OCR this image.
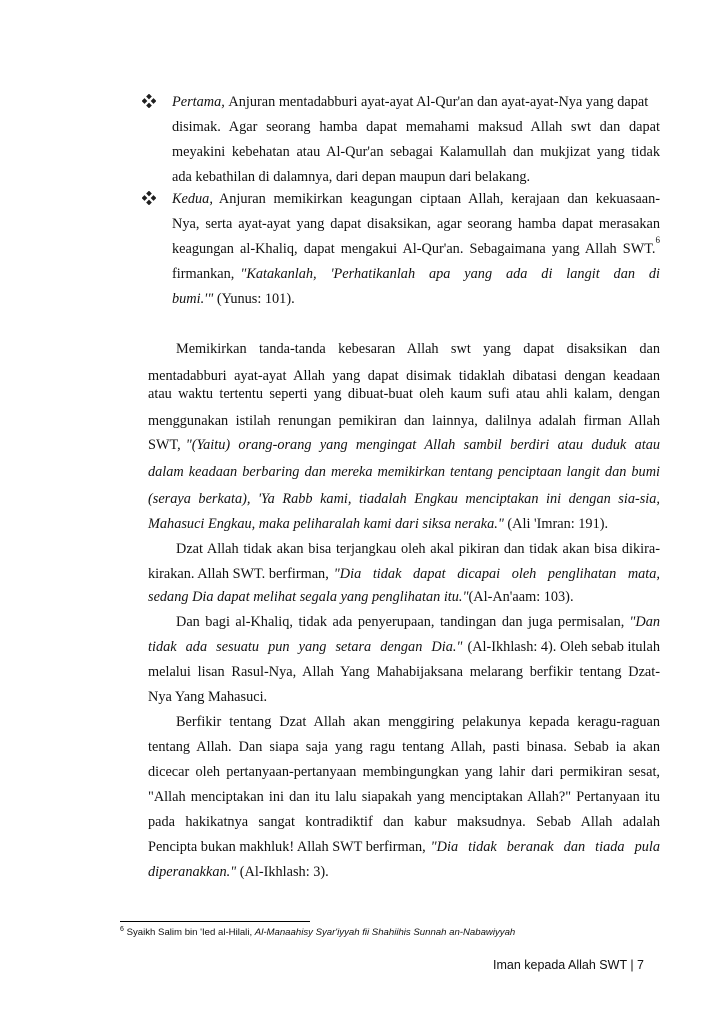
Pertama,
Anjuran mentadabburi ayat-ayat Al-Qur'an dan ayat-ayat-Nya yang dapat
disimak. Agar seorang hamba dapat memahami maksud Allah swt dan dapat
meyakini kebehatan atau Al-Qur'an sebagai Kalamullah dan mukjizat yang tidak
ada kebathilan di dalamnya, dari depan maupun dari belakang.
Kedua, Anjuran memikirkan keagungan ciptaan Allah, kerajaan dan kekuasaan-
Nya, serta ayat-ayat yang dapat disaksikan, agar seorang hamba dapat merasakan
keagungan al-Khaliq, dapat mengakui Al-Qur'an. Sebagaimana yang Allah SWT.
6
firmankan, "Katakanlah, 'Perhatikanlah apa yang ada di langit dan di
bumi.'" (Yunus: 101).
Memikirkan tanda-tanda kebesaran Allah swt yang dapat disaksikan dan
mentadabburi ayat-ayat Allah yang dapat disimak tidaklah dibatasi dengan keadaan
atau waktu tertentu seperti yang dibuat-buat oleh kaum sufi atau ahli kalam, dengan
menggunakan istilah renungan pemikiran dan lainnya, dalilnya adalah firman Allah
SWT, "(Yaitu) orang-orang yang mengingat Allah sambil berdiri atau duduk atau
dalam keadaan berbaring dan mereka memikirkan tentang penciptaan langit dan bumi
(seraya berkata), 'Ya Rabb kami, tiadalah Engkau menciptakan ini dengan sia-sia,
Mahasuci Engkau, maka peliharalah kami dari siksa neraka." (Ali 'Imran: 191).
Dzat Allah tidak akan bisa terjangkau oleh akal pikiran dan tidak akan bisa dikira-
kirakan. Allah SWT. berfirman, "Dia tidak dapat dicapai oleh penglihatan mata,
sedang Dia dapat melihat segala yang penglihatan itu."(Al-An'aam: 103).
Dan bagi al-Khaliq, tidak ada penyerupaan, tandingan dan juga permisalan, "Dan
tidak ada sesuatu pun yang setara dengan Dia." (Al-Ikhlash: 4). Oleh sebab itulah
melalui lisan Rasul-Nya, Allah Yang Mahabijaksana melarang berfikir tentang Dzat-
Nya Yang Mahasuci.
Berfikir tentang Dzat Allah akan menggiring pelakunya kepada keragu-raguan
tentang Allah. Dan siapa saja yang ragu tentang Allah, pasti binasa. Sebab ia akan
dicecar oleh pertanyaan-pertanyaan membingungkan yang lahir dari permikiran sesat,
"Allah menciptakan ini dan itu lalu siapakah yang menciptakan Allah?" Pertanyaan itu
pada hakikatnya sangat kontradiktif dan kabur maksudnya. Sebab Allah adalah
Pencipta bukan makhluk! Allah SWT berfirman, "Dia tidak beranak dan tiada pula
diperanakkan." (Al-Ikhlash: 3).
$^6$ Syaikh Salim bin 'Ied al-Hilali, Al-Manaahisy Syar'iyyah fii Shahiihis Sunnah an-Nabawiyyah
Iman kepada Allah SWT | 7
